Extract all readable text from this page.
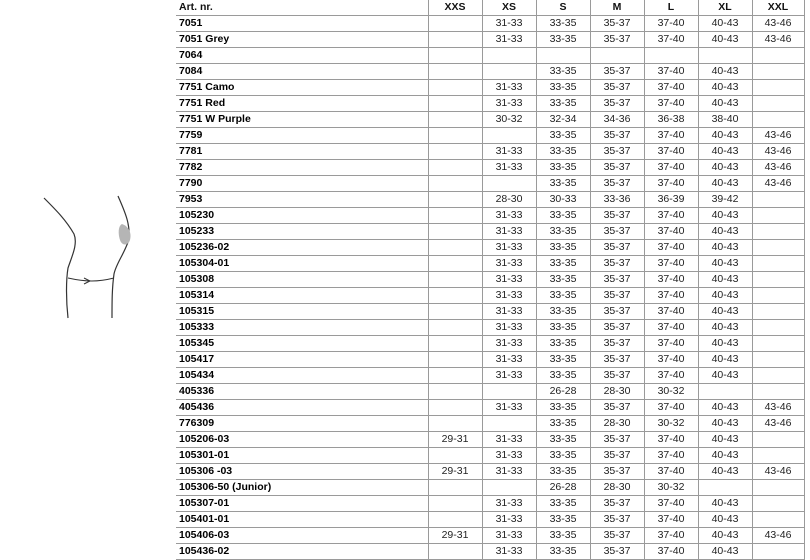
Art. nr.	XXS	XS	S	M	L	XL	XXL
7051		31-33	33-35	35-37	37-40	40-43	43-46
7051 Grey		31-33	33-35	35-37	37-40	40-43	43-46
7064							
7084			33-35	35-37	37-40	40-43	
7751 Camo		31-33	33-35	35-37	37-40	40-43	
7751 Red		31-33	33-35	35-37	37-40	40-43	
7751 W Purple		30-32	32-34	34-36	36-38	38-40	
7759			33-35	35-37	37-40	40-43	43-46
7781		31-33	33-35	35-37	37-40	40-43	43-46
7782		31-33	33-35	35-37	37-40	40-43	43-46
7790			33-35	35-37	37-40	40-43	43-46
7953		28-30	30-33	33-36	36-39	39-42	
105230		31-33	33-35	35-37	37-40	40-43	
105233		31-33	33-35	35-37	37-40	40-43	
105236-02		31-33	33-35	35-37	37-40	40-43	
105304-01		31-33	33-35	35-37	37-40	40-43	
105308		31-33	33-35	35-37	37-40	40-43	
105314		31-33	33-35	35-37	37-40	40-43	
105315		31-33	33-35	35-37	37-40	40-43	
105333		31-33	33-35	35-37	37-40	40-43	
105345		31-33	33-35	35-37	37-40	40-43	
105417		31-33	33-35	35-37	37-40	40-43	
105434		31-33	33-35	35-37	37-40	40-43	
405336			26-28	28-30	30-32		
405436		31-33	33-35	35-37	37-40	40-43	43-46
776309			33-35	28-30	30-32	40-43	43-46
105206-03	29-31	31-33	33-35	35-37	37-40	40-43	
105301-01		31-33	33-35	35-37	37-40	40-43	
105306 -03	29-31	31-33	33-35	35-37	37-40	40-43	43-46
105306-50 (Junior)			26-28	28-30	30-32		
105307-01		31-33	33-35	35-37	37-40	40-43	
105401-01		31-33	33-35	35-37	37-40	40-43	
105406-03	29-31	31-33	33-35	35-37	37-40	40-43	43-46
105436-02		31-33	33-35	35-37	37-40	40-43	
